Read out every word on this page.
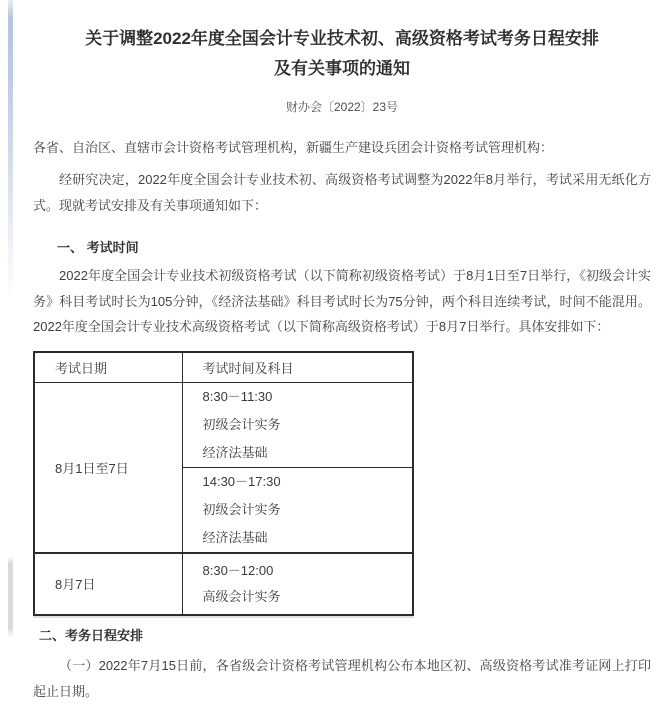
关于调整2022年度全国会计专业技术初、高级资格考试考务日程安排
及有关事项的通知
财办会〔2022〕23号

各省、自治区、直辖市会计资格考试管理机构，新疆生产建设兵团会计资格考试管理机构：

经研究决定，2022年度全国会计专业技术初、高级资格考试调整为2022年8月举行，考试采用无纸化方式。现就考试安排及有关事项通知如下：

一、 考试时间

2022年度全国会计专业技术初级资格考试（以下简称初级资格考试）于8月1日至7日举行，《初级会计实务》科目考试时长为105分钟，《经济法基础》科目考试时长为75分钟，两个科目连续考试，时间不能混用。2022年度全国会计专业技术高级资格考试（以下简称高级资格考试）于8月7日举行。具体安排如下：

考试日期	考试时间及科目
8月1日至7日	8:30－11:30
初级会计实务
经济法基础

	14:30－17:30
初级会计实务
经济法基础

8月7日	8:30－12:00
高级会计实务
二、考务日程安排

（一）2022年7月15日前，各省级会计资格考试管理机构公布本地区初、高级资格考试准考证网上打印起止日期。
